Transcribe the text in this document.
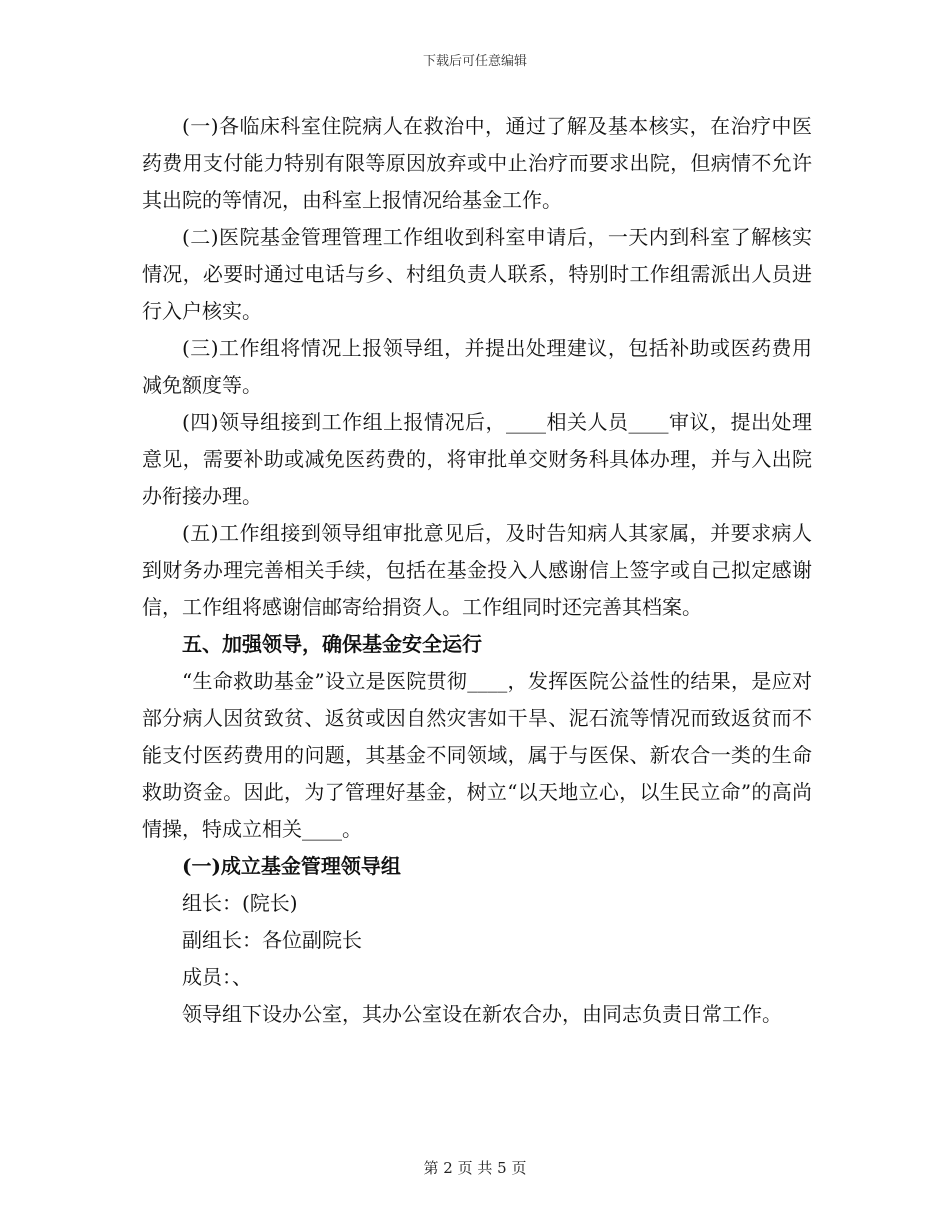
下载后可任意编辑

(一)各临床科室住院病人在救治中，通过了解及基本核实，在治疗中医药费用支付能力特别有限等原因放弃或中止治疗而要求出院，但病情不允许其出院的等情况，由科室上报情况给基金工作。

(二)医院基金管理管理工作组收到科室申请后，一天内到科室了解核实情况，必要时通过电话与乡、村组负责人联系，特别时工作组需派出人员进行入户核实。

(三)工作组将情况上报领导组，并提出处理建议，包括补助或医药费用减免额度等。

(四)领导组接到工作组上报情况后，____相关人员____审议，提出处理意见，需要补助或减免医药费的，将审批单交财务科具体办理，并与入出院办衔接办理。

(五)工作组接到领导组审批意见后，及时告知病人其家属，并要求病人到财务办理完善相关手续，包括在基金投入人感谢信上签字或自己拟定感谢信，工作组将感谢信邮寄给捐资人。工作组同时还完善其档案。

五、加强领导，确保基金安全运行

“生命救助基金”设立是医院贯彻____，发挥医院公益性的结果，是应对部分病人因贫致贫、返贫或因自然灾害如干旱、泥石流等情况而致返贫而不能支付医药费用的问题，其基金不同领域，属于与医保、新农合一类的生命救助资金。因此，为了管理好基金，树立“以天地立心，以生民立命”的高尚情操，特成立相关____。

(一)成立基金管理领导组

组长：(院长)

副组长：各位副院长

成员：、

领导组下设办公室，其办公室设在新农合办，由同志负责日常工作。

第 2 页 共 5 页
